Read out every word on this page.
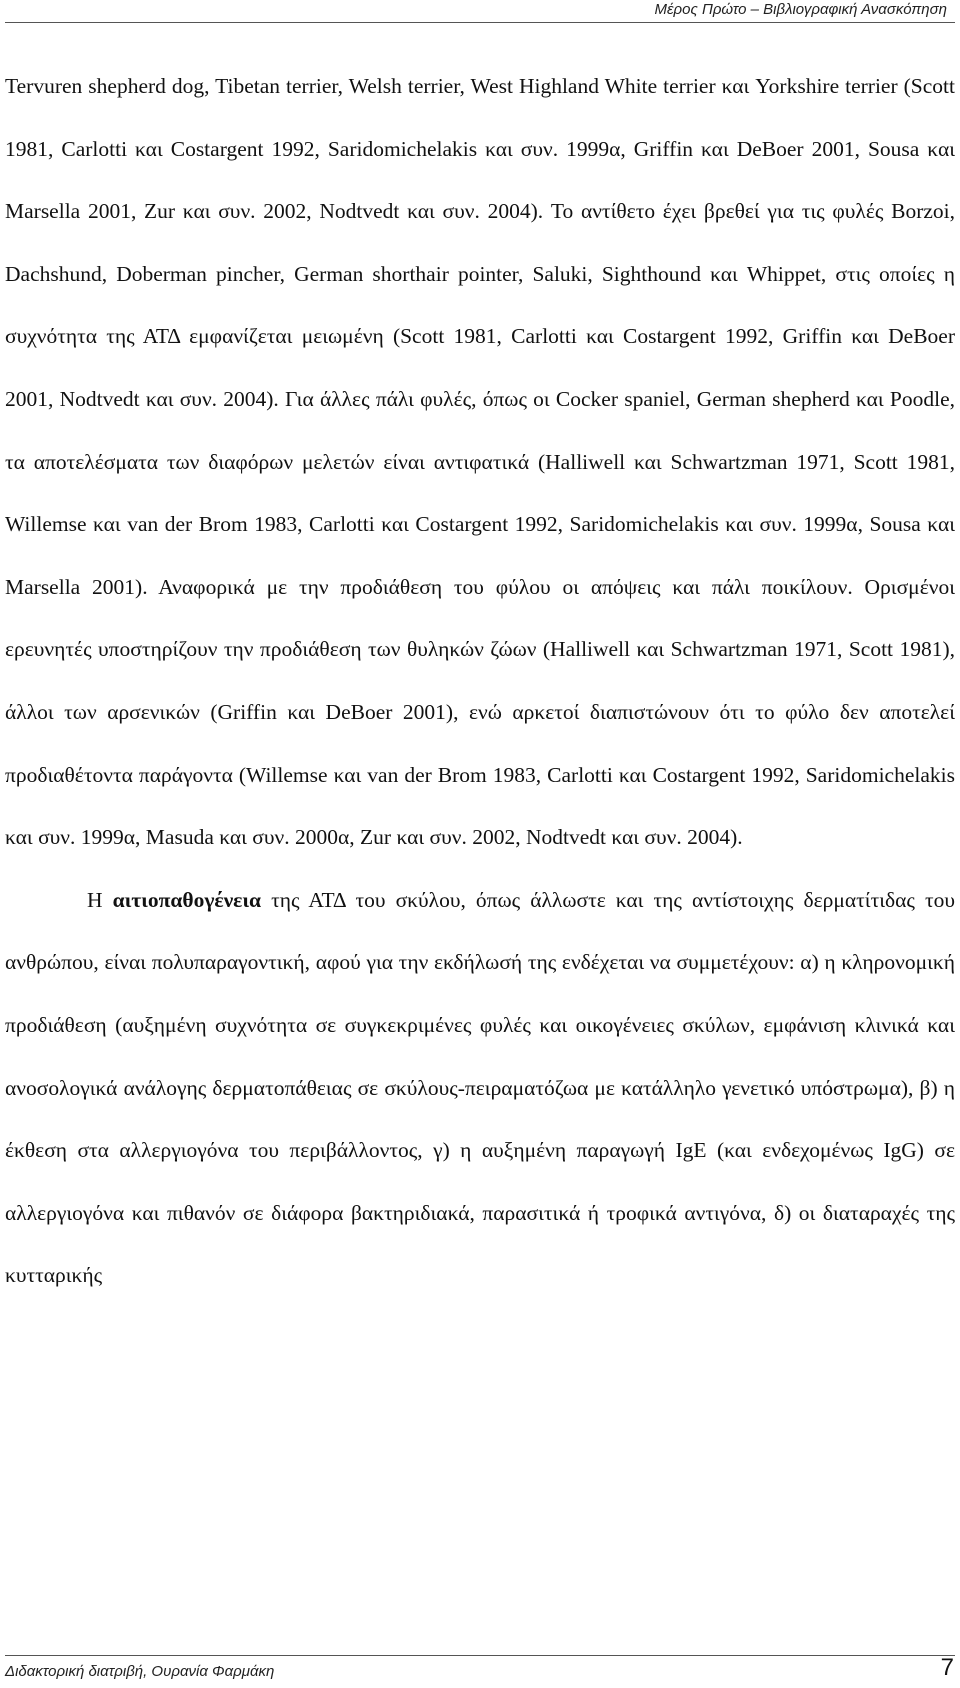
Μέρος Πρώτο – Βιβλιογραφική Ανασκόπηση

Tervuren shepherd dog, Tibetan terrier, Welsh terrier, West Highland White terrier και Yorkshire terrier (Scott 1981, Carlotti και Costargent 1992, Saridomichelakis και συν. 1999α, Griffin και DeBoer 2001, Sousa και Marsella 2001, Zur και συν. 2002, Nodtvedt και συν. 2004). Το αντίθετο έχει βρεθεί για τις φυλές Borzoi, Dachshund, Doberman pincher, German shorthair pointer, Saluki, Sighthound και Whippet, στις οποίες η συχνότητα της ΑΤΔ εμφανίζεται μειωμένη (Scott 1981, Carlotti και Costargent 1992, Griffin και DeBoer 2001, Nodtvedt και συν. 2004). Για άλλες πάλι φυλές, όπως οι Cocker spaniel, German shepherd και Poodle, τα αποτελέσματα των διαφόρων μελετών είναι αντιφατικά (Halliwell και Schwartzman 1971, Scott 1981, Willemse και van der Brom 1983, Carlotti και Costargent 1992, Saridomichelakis και συν. 1999α, Sousa και Marsella 2001). Αναφορικά με την προδιάθεση του φύλου οι απόψεις και πάλι ποικίλουν. Ορισμένοι ερευνητές υποστηρίζουν την προδιάθεση των θυληκών ζώων (Halliwell και Schwartzman 1971, Scott 1981), άλλοι των αρσενικών (Griffin και DeBoer 2001), ενώ αρκετοί διαπιστώνουν ότι το φύλο δεν αποτελεί προδιαθέτοντα παράγοντα (Willemse και van der Brom 1983, Carlotti και Costargent 1992, Saridomichelakis και συν. 1999α, Masuda και συν. 2000α, Zur και συν. 2002, Nodtvedt και συν. 2004).

Η αιτιοπαθογένεια της ΑΤΔ του σκύλου, όπως άλλωστε και της αντίστοιχης δερματίτιδας του ανθρώπου, είναι πολυπαραγοντική, αφού για την εκδήλωσή της ενδέχεται να συμμετέχουν: α) η κληρονομική προδιάθεση (αυξημένη συχνότητα σε συγκεκριμένες φυλές και οικογένειες σκύλων, εμφάνιση κλινικά και ανοσολογικά ανάλογης δερματοπάθειας σε σκύλους-πειραματόζωα με κατάλληλο γενετικό υπόστρωμα), β) η έκθεση στα αλλεργιογόνα του περιβάλλοντος, γ) η αυξημένη παραγωγή IgE (και ενδεχομένως IgG) σε αλλεργιογόνα και πιθανόν σε διάφορα βακτηριδιακά, παρασιτικά ή τροφικά αντιγόνα, δ) οι διαταραχές της κυτταρικής

Διδακτορική διατριβή, Ουρανία Φαρμάκη	7
